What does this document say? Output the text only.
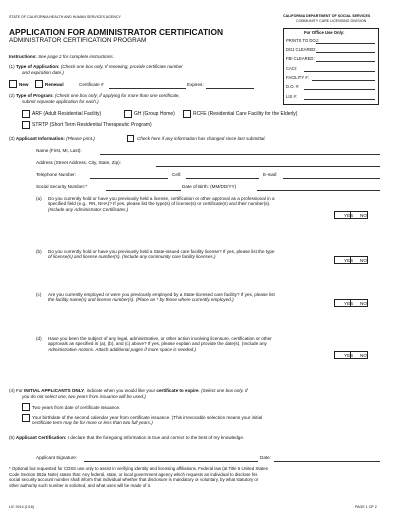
STATE OF CALIFORNIA HEALTH AND HUMAN SERVICES AGENCY	CALIFORNIA DEPARTMENT OF SOCIAL SERVICES
COMMUNITY CARE LICENSING DIVISION
APPLICATION FOR ADMINISTRATOR CERTIFICATION
ADMINISTRATOR CERTIFICATION PROGRAM
For Office Use Only:
PRINTS TO DOJ:
DOJ CLEARED:
FBI CLEARED:
CACI:
FACILITY #:
D.O. #:
LIS #:
Instructions: See page 2 for complete instructions.
(1) Type of Application: (Check one box only. If renewing, provide certificate number
and expiration date.)
New	Renewal	Certificate #	Expires:
(2) Type of Program: (Check one box only; if applying for more than one certificate,
submit separate application for each.)
ARF (Adult Residential Facility)	GH (Group Home)	RCFE (Residential Care Facility for the Elderly)
STRTP (Short Term Residential Therapeutic Program)
(3) Applicant Information: (Please print.)	Check here if any information has changed since last submittal.
Name (First, MI, Last):
Address (Street Address, City, State, Zip):
Telephone Number:	Cell:	E-mail:
Social Security Number:*	Date of Birth: (MM/DD/YY)
(a) Do you currently hold or have you previously held a license, certification or other approval as a professional in a
specified field (e.g., RN, NHA)? If yes, please list the type(s) of license(s) or certificate(s) and their number(s).
(Include any Administrator Certificates.)
YES	NO
(b) Do you currently hold or have you previously held a State-issued care facility license? If yes, please list the type
of license(s) and license number(s). (Include any community care facility licenses.)
YES	NO
(c) Are you currently employed or were you previously employed by a State-licensed care facility? If yes, please list
the facility name(s) and license number(s). (Place an * by those where currently employed.)
YES	NO
(d) Have you been the subject of any legal, administrative, or other action involving licensure, certification or other
approvals as specified in (a), (b), and (c) above? If yes, please explain and provide the date(s). (Include any
Administrative Actions. Attach additional pages if more space is needed.)
YES	NO
(4) For INITIAL APPLICANTS ONLY, indicate when you would like your certificate to expire. (Select one box only. If
you do not select one, two years from issuance will be used.)
Two years from date of certificate issuance.
Your birthdate of the second calendar year from certificate issuance. (This irrevocable selection means your initial
certificate term may be for more or less than two full years.)
(5) Applicant Certification: I declare that the foregoing information is true and correct to the best of my knowledge.
Applicant Signature:	Date:
* Optional but requested for CDSS use only to assist in verifying identity and licensing affiliations. Federal law (at Title 5 United States
Code Section 552a Note) states that: Any federal, state, or local government agency which requests an individual to disclose his
social security account number shall inform that individual whether that disclosure is mandatory or voluntary, by what statutory or
other authority such number is solicited, and what uses will be made of it.
LIC 9214 (1/16)	PAGE 1 OF 2
